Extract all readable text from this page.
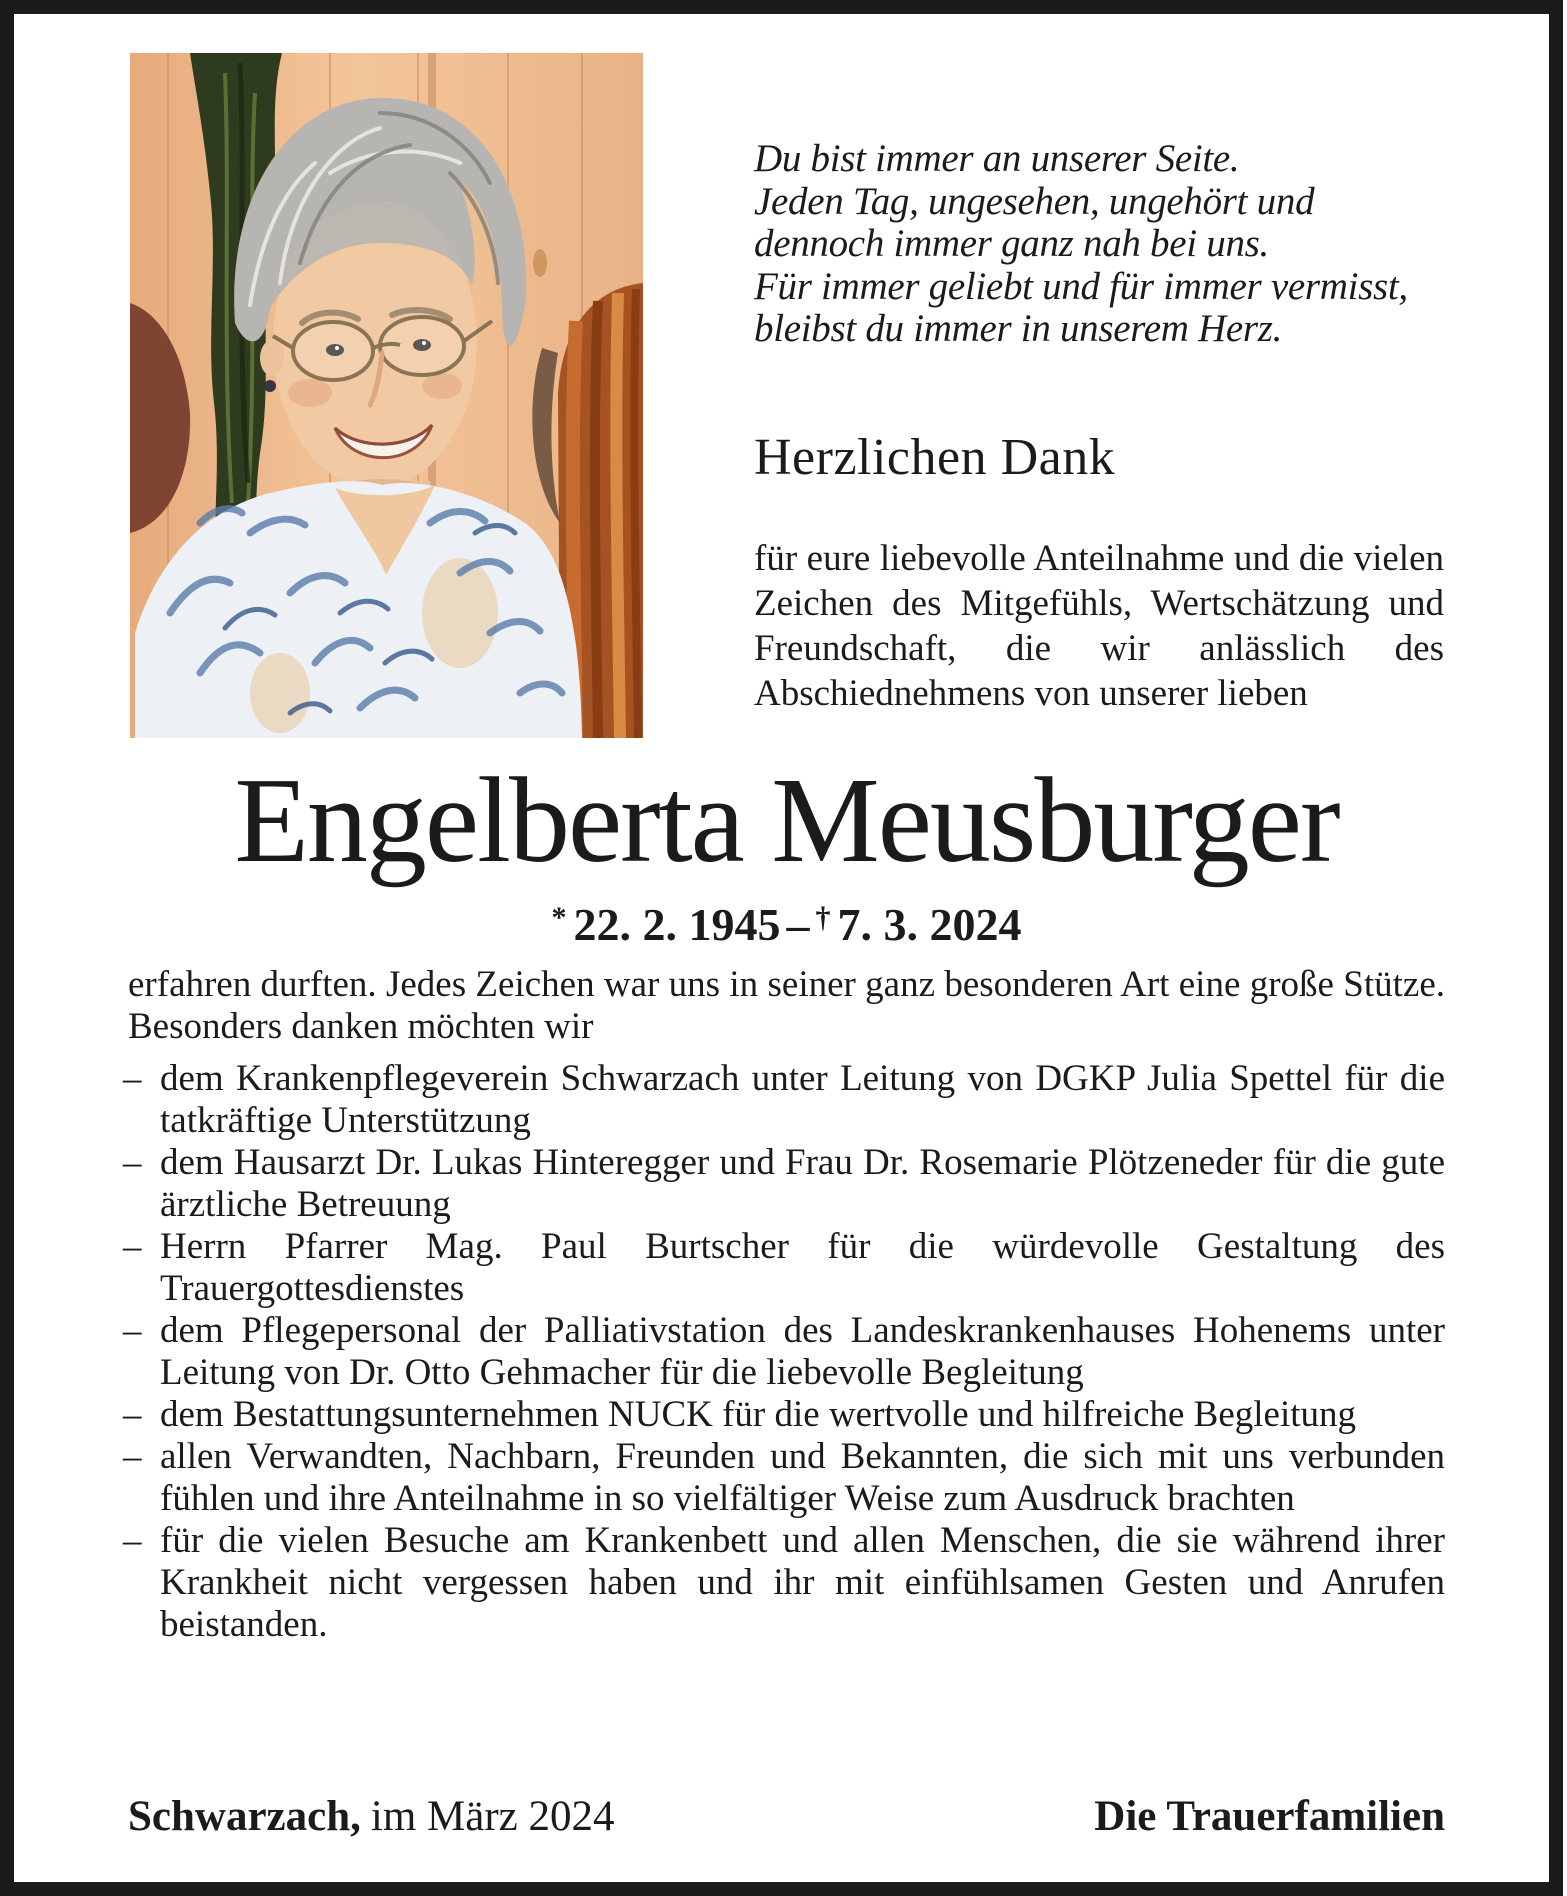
Du bist immer an unserer Seite.
Jeden Tag, ungesehen, ungehört und
dennoch immer ganz nah bei uns.
Für immer geliebt und für immer vermisst,
bleibst du immer in unserem Herz.
Herzlichen Dank
für eure liebevolle Anteilnahme und die vielen Zeichen des Mitgefühls, Wertschätzung und Freundschaft, die wir anlässlich des Abschiednehmens von unserer lieben
Engelberta Meusburger
* 22. 2. 1945 – † 7. 3. 2024
erfahren durften. Jedes Zeichen war uns in seiner ganz besonderen Art eine große Stütze. Besonders danken möchten wir
– dem Krankenpflegeverein Schwarzach unter Leitung von DGKP Julia Spettel für die tatkräftige Unterstützung
– dem Hausarzt Dr. Lukas Hinteregger und Frau Dr. Rosemarie Plötzeneder für die gute ärztliche Betreuung
– Herrn Pfarrer Mag. Paul Burtscher für die würdevolle Gestaltung des Trauergottesdienstes
– dem Pflegepersonal der Palliativstation des Landeskrankenhauses Hohenems unter Leitung von Dr. Otto Gehmacher für die liebevolle Begleitung
– dem Bestattungsunternehmen NUCK für die wertvolle und hilfreiche Begleitung
– allen Verwandten, Nachbarn, Freunden und Bekannten, die sich mit uns verbunden fühlen und ihre Anteilnahme in so vielfältiger Weise zum Ausdruck brachten
– für die vielen Besuche am Krankenbett und allen Menschen, die sie während ihrer Krankheit nicht vergessen haben und ihr mit einfühlsamen Gesten und Anrufen beistanden.
Schwarzach, im März 2024	Die Trauerfamilien
